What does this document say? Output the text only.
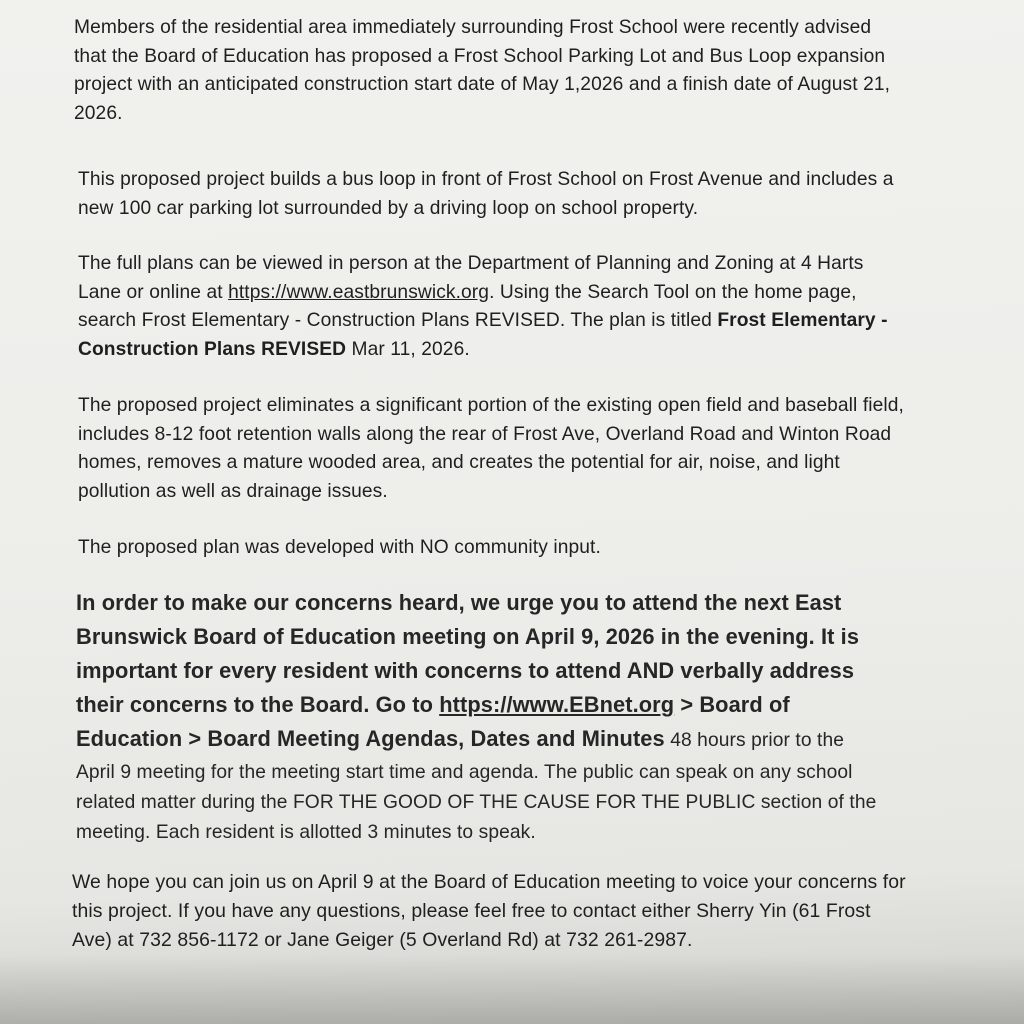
Members of the residential area immediately surrounding Frost School were recently advised
that the Board of Education has proposed a Frost School Parking Lot and Bus Loop expansion
project with an anticipated construction start date of May 1,2026 and a finish date of August 21,
2026.

This proposed project builds a bus loop in front of Frost School on Frost Avenue and includes a
new 100 car parking lot surrounded by a driving loop on school property.

The full plans can be viewed in person at the Department of Planning and Zoning at 4 Harts
Lane or online at https://www.eastbrunswick.org. Using the Search Tool on the home page,
search Frost Elementary - Construction Plans REVISED. The plan is titled Frost Elementary -
Construction Plans REVISED Mar 11, 2026.

The proposed project eliminates a significant portion of the existing open field and baseball field,
includes 8-12 foot retention walls along the rear of Frost Ave, Overland Road and Winton Road
homes, removes a mature wooded area, and creates the potential for air, noise, and light
pollution as well as drainage issues.

The proposed plan was developed with NO community input.

In order to make our concerns heard, we urge you to attend the next East
Brunswick Board of Education meeting on April 9, 2026 in the evening. It is
important for every resident with concerns to attend AND verbally address
their concerns to the Board. Go to https://www.EBnet.org > Board of
Education > Board Meeting Agendas, Dates and Minutes 48 hours prior to the
April 9 meeting for the meeting start time and agenda. The public can speak on any school
related matter during the FOR THE GOOD OF THE CAUSE FOR THE PUBLIC section of the
meeting. Each resident is allotted 3 minutes to speak.

We hope you can join us on April 9 at the Board of Education meeting to voice your concerns for
this project. If you have any questions, please feel free to contact either Sherry Yin (61 Frost
Ave) at 732 856-1172 or Jane Geiger (5 Overland Rd) at 732 261-2987.
